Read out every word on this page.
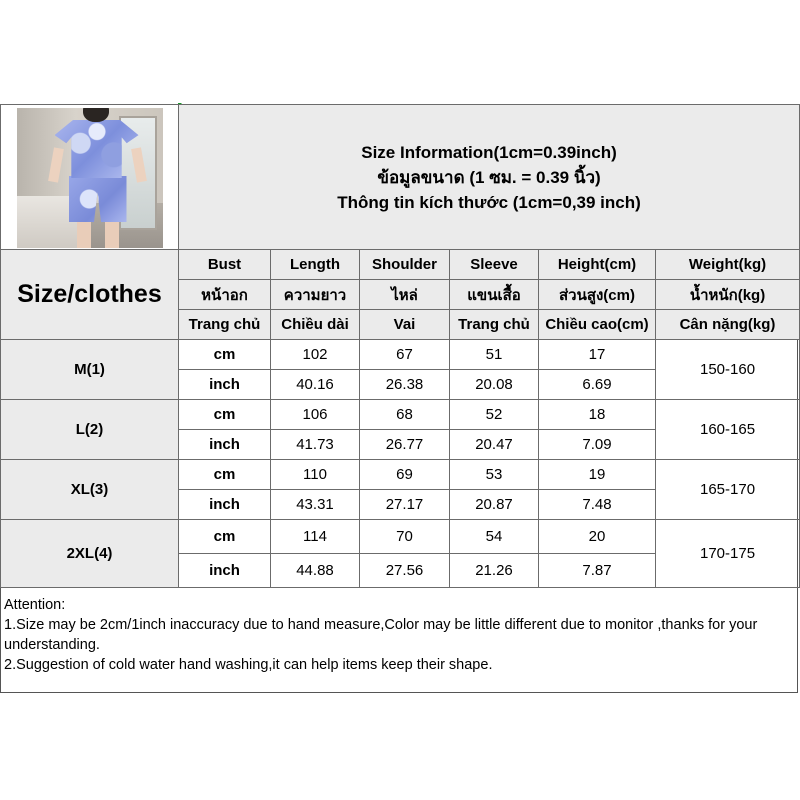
	Size Information(1cm=0.39inch)
ข้อมูลขนาด (1 ซม. = 0.39 นิ้ว)
Thông tin kích thước (1cm=0,39 inch)						

Size/clothes	Bust	Length	Shoulder	Sleeve	Height(cm)	Weight(kg)	
	หน้าอก	ความยาว	ไหล่	แขนเสื้อ	ส่วนสูง(cm)	น้ำหนัก(kg)	
	Trang chủ	Chiều dài	Vai	Trang chủ	Chiều cao(cm)	Cân nặng(kg)	
M(1)	cm	102	67	51	17	150-160	
	inch	40.16	26.38	20.08	6.69		
L(2)	cm	106	68	52	18	160-165	
	inch	41.73	26.77	20.47	7.09		
XL(3)	cm	110	69	53	19	165-170	
	inch	43.31	27.17	20.87	7.48		
2XL(4)	cm	114	70	54	20	170-175	
	inch	44.88	27.56	21.26	7.87		
Attention:
1.Size may be 2cm/1inch inaccuracy due to hand measure,Color may be little different due to monitor ,thanks for your understanding.
2.Suggestion of cold water hand washing,it can help items keep their shape.
